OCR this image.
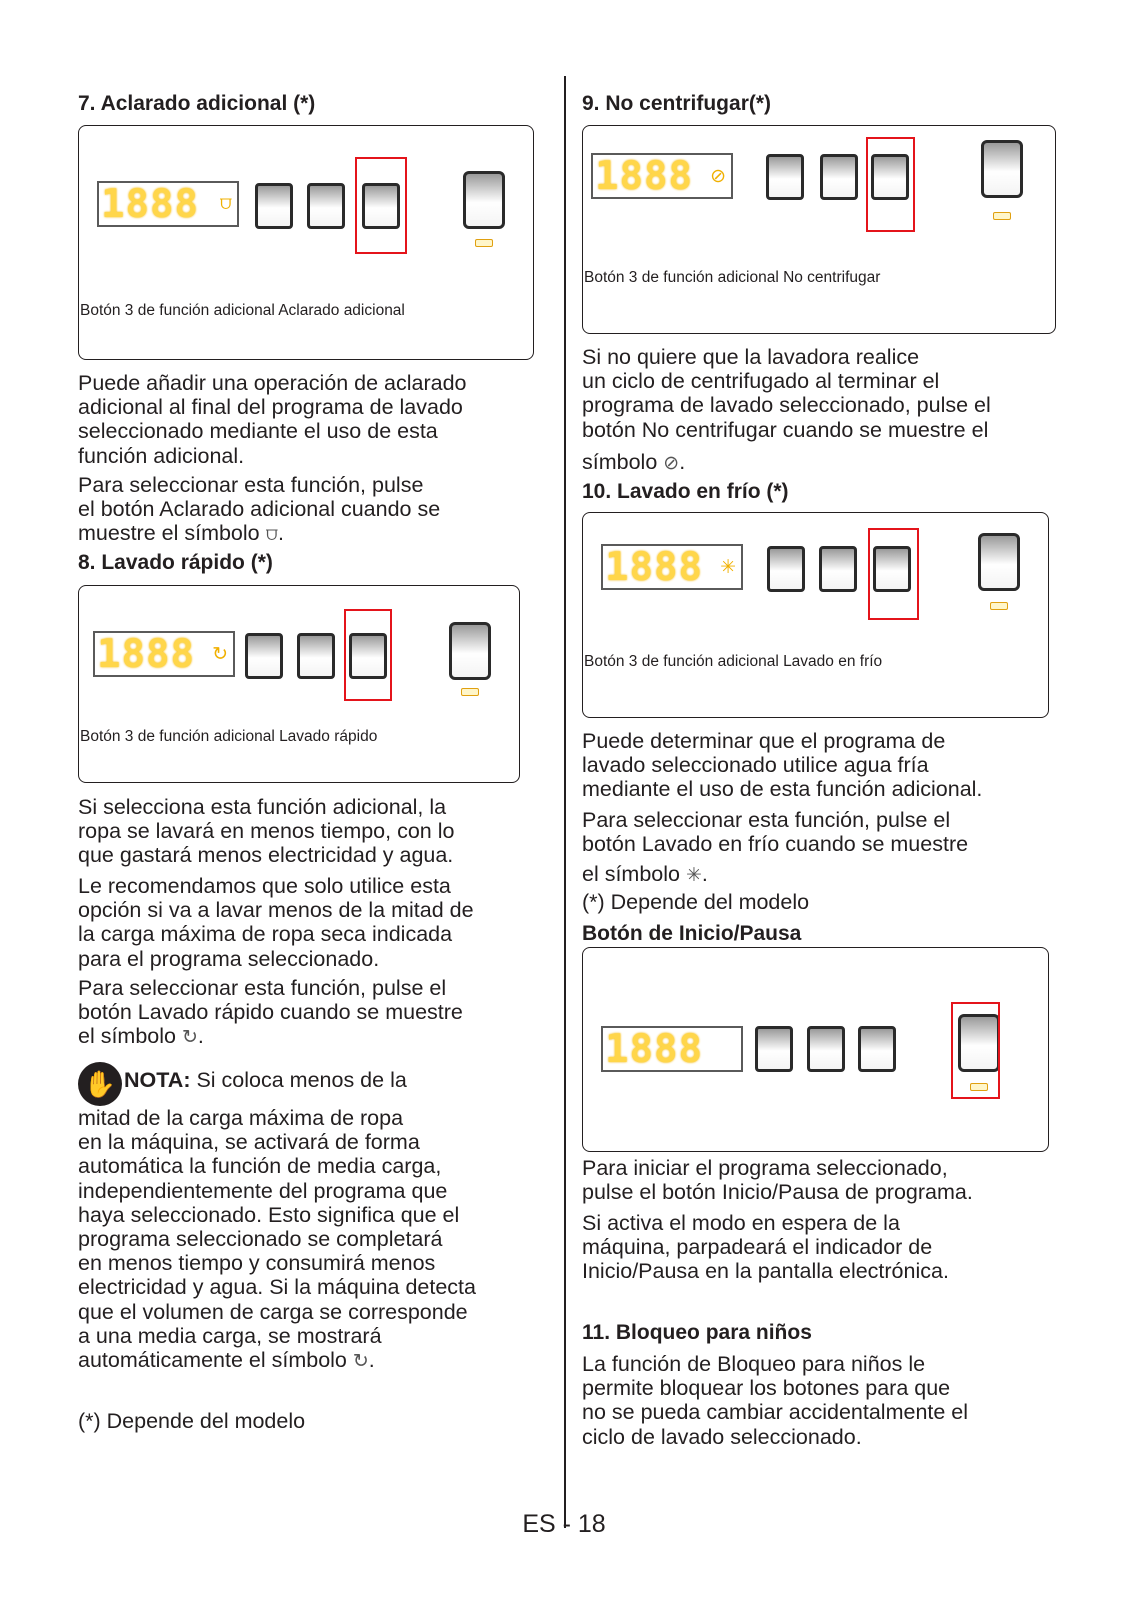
7. Aclarado adicional (*)
1888 ⩌
Botón 3 de función adicional Aclarado adicional

Puede añadir una operación de aclarado
adicional al final del programa de lavado
seleccionado mediante el uso de esta
función adicional.

Para seleccionar esta función, pulse
el botón Aclarado adicional cuando se
muestre el símbolo ⩌.

8. Lavado rápido (*)
1888 ↻
Botón 3 de función adicional Lavado rápido

Si selecciona esta función adicional, la
ropa se lavará en menos tiempo, con lo
que gastará menos electricidad y agua.

Le recomendamos que solo utilice esta
opción si va a lavar menos de la mitad de
la carga máxima de ropa seca indicada
para el programa seleccionado.

Para seleccionar esta función, pulse el
botón Lavado rápido cuando se muestre
el símbolo ↻.

✋ NOTA: Si coloca menos de la
mitad de la carga máxima de ropa
en la máquina, se activará de forma
automática la función de media carga,
independientemente del programa que
haya seleccionado. Esto significa que el
programa seleccionado se completará
en menos tiempo y consumirá menos
electricidad y agua. Si la máquina detecta
que el volumen de carga se corresponde
a una media carga, se mostrará
automáticamente el símbolo ↻.

(*) Depende del modelo

9. No centrifugar(*)
1888 ⊘
Botón 3 de función adicional No centrifugar

Si no quiere que la lavadora realice
un ciclo de centrifugado al terminar el
programa de lavado seleccionado, pulse el
botón No centrifugar cuando se muestre el
símbolo ⊘.

10. Lavado en frío (*)
1888 ✳
Botón 3 de función adicional Lavado en frío

Puede determinar que el programa de
lavado seleccionado utilice agua fría
mediante el uso de esta función adicional.

Para seleccionar esta función, pulse el
botón Lavado en frío cuando se muestre
el símbolo ✳.

(*) Depende del modelo

Botón de Inicio/Pausa
1888

Para iniciar el programa seleccionado,
pulse el botón Inicio/Pausa de programa.

Si activa el modo en espera de la
máquina, parpadeará el indicador de
Inicio/Pausa en la pantalla electrónica.

11. Bloqueo para niños

La función de Bloqueo para niños le
permite bloquear los botones para que
no se pueda cambiar accidentalmente el
ciclo de lavado seleccionado.

ES - 18
